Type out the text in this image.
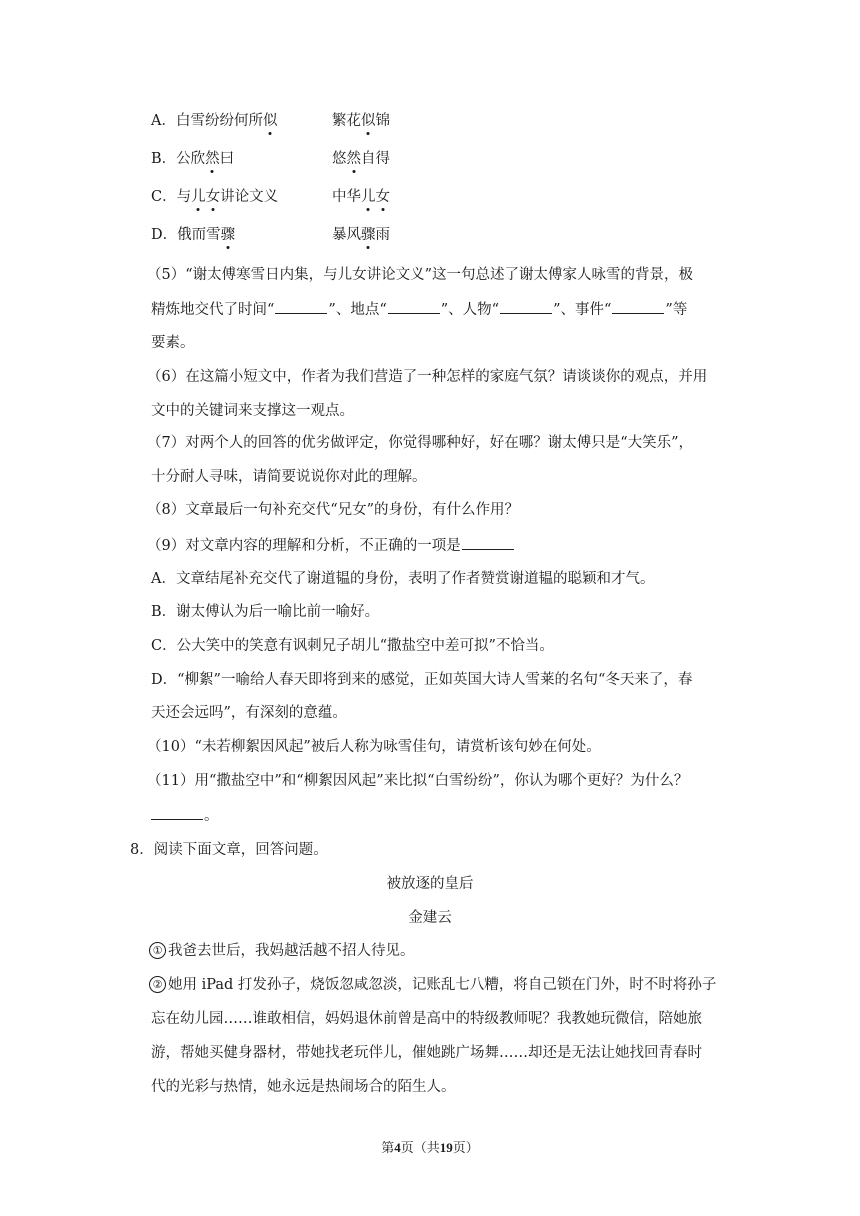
A．白雪纷纷何所似	繁花似锦
B．公欣然曰	悠然自得
C．与儿女讲论文义	中华儿女
D．俄而雪骤	暴风骤雨
（5）“谢太傅寒雪日内集，与儿女讲论文义”这一句总述了谢太傅家人咏雪的背景，极
精炼地交代了时间“	”、地点“	”、人物“	”、事件“	”等
要素。
（6）在这篇小短文中，作者为我们营造了一种怎样的家庭气氛？请谈谈你的观点，并用
文中的关键词来支撑这一观点。
（7）对两个人的回答的优劣做评定，你觉得哪种好，好在哪？谢太傅只是“大笑乐”，
十分耐人寻味，请简要说说你对此的理解。
（8）文章最后一句补充交代“兄女”的身份，有什么作用？
（9）对文章内容的理解和分析，不正确的一项是
A．文章结尾补充交代了谢道韫的身份，表明了作者赞赏谢道韫的聪颖和才气。
B．谢太傅认为后一喻比前一喻好。
C．公大笑中的笑意有讽刺兄子胡儿“撒盐空中差可拟”不恰当。
D．“柳絮”一喻给人春天即将到来的感觉，正如英国大诗人雪莱的名句“冬天来了，春
天还会远吗”，有深刻的意蕴。
（10）“未若柳絮因风起”被后人称为咏雪佳句，请赏析该句妙在何处。
（11）用“撒盐空中”和“柳絮因风起”来比拟“白雪纷纷”，你认为哪个更好？为什么？
。
8．阅读下面文章，回答问题。
被放逐的皇后
金建云
① 我爸去世后，我妈越活越不招人待见。
② 她用 iPad 打发孙子，烧饭忽咸忽淡，记账乱七八糟，将自己锁在门外，时不时将孙子
忘在幼儿园……谁敢相信，妈妈退休前曾是高中的特级教师呢？我教她玩微信，陪她旅
游，帮她买健身器材，带她找老玩伴儿，催她跳广场舞……却还是无法让她找回青春时
代的光彩与热情，她永远是热闹场合的陌生人。
第4页（共19页）
